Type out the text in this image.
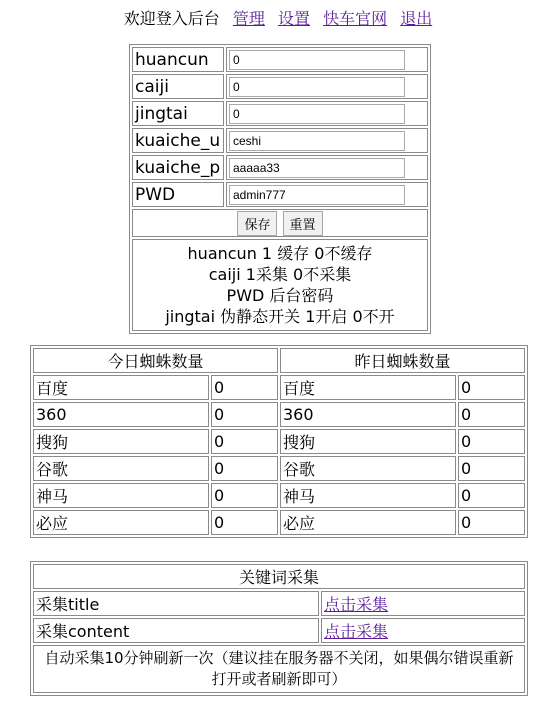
欢迎登入后台 管理 设置 快车官网 退出
huancun	0
caiji	0
jingtai	0
kuaiche_u	ceshi
kuaiche_p	aaaaa33
PWD	admin777
保存 重置	

huancun 1 缓存 0不缓存
caiji 1采集 0不采集
PWD 后台密码
jingtai 伪静态开关 1开启 0不开	
今日蜘蛛数量		昨日蜘蛛数量	
百度	0	百度	0
360	0	360	0
搜狗	0	搜狗	0
谷歌	0	谷歌	0
神马	0	神马	0
必应	0	必应	0
关键词采集	
采集title	点击采集
采集content	点击采集
自动采集10分钟刷新一次（建议挂在服务器不关闭，如果偶尔错误重新打开或者刷新即可）	
